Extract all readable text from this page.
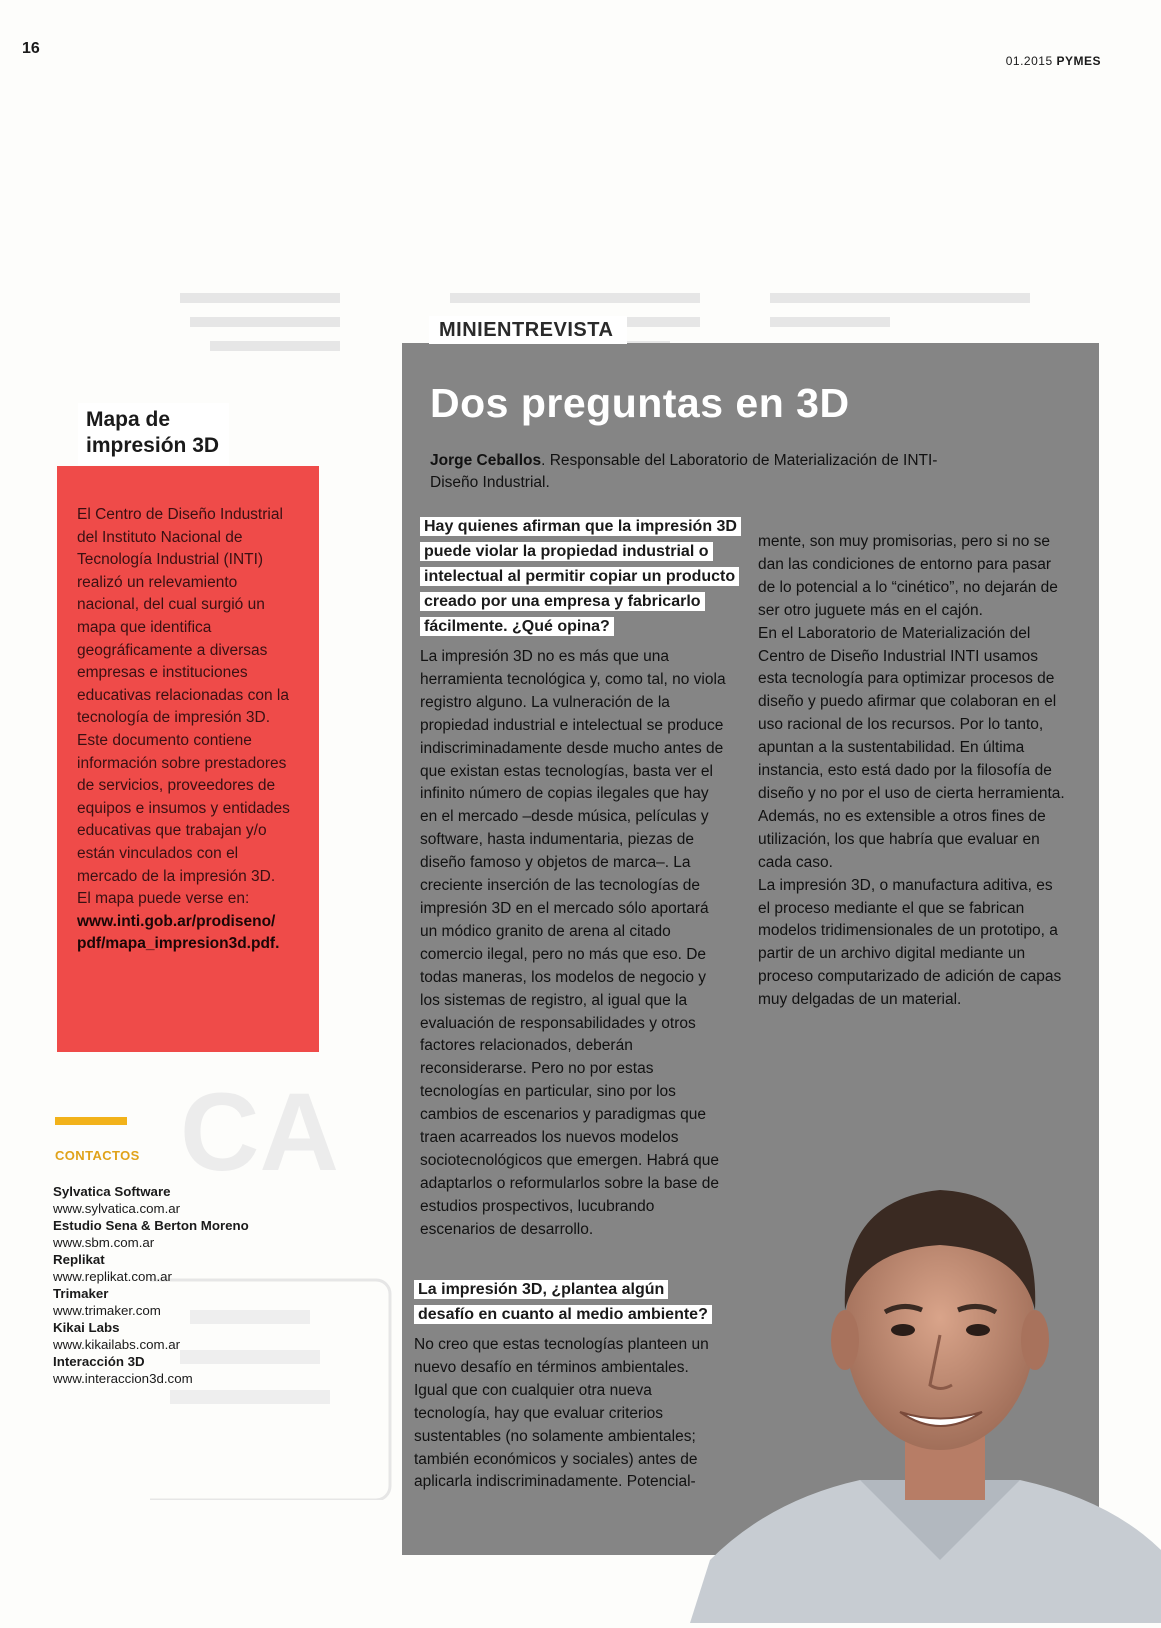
16
01.2015 PYMES
CA
Mapa de
impresión 3D

El Centro de Diseño Industrial del Instituto Nacional de Tecnología Industrial (INTI) realizó un relevamiento nacional, del cual surgió un mapa que identifica geográficamente a diversas empresas e instituciones educativas relacionadas con la tecnología de impresión 3D.

Este documento contiene información sobre prestadores de servicios, proveedores de equipos e insumos y entidades educativas que trabajan y/o están vinculados con el mercado de la impresión 3D.

El mapa puede verse en:

www.inti.gob.ar/prodiseno/ pdf/mapa_impresion3d.pdf.

CONTACTOS
Sylvatica Software
www.sylvatica.com.ar
Estudio Sena & Berton Moreno
www.sbm.com.ar
Replikat
www.replikat.com.ar
Trimaker
www.trimaker.com
Kikai Labs
www.kikailabs.com.ar
Interacción 3D
www.interaccion3d.com
MINIENTREVISTA
Dos preguntas en 3D
Jorge Ceballos. Responsable del Laboratorio de Materialización de INTI-Diseño Industrial.
Hay quienes afirman que la impresión 3D puede violar la propiedad industrial o intelectual al permitir copiar un producto creado por una empresa y fabricarlo fácilmente. ¿Qué opina?

La impresión 3D no es más que una herramienta tecnológica y, como tal, no viola registro alguno. La vulneración de la propiedad industrial e intelectual se produce indiscriminadamente desde mucho antes de que existan estas tecnologías, basta ver el infinito número de copias ilegales que hay en el mercado –desde música, películas y software, hasta indumentaria, piezas de diseño famoso y objetos de marca–. La creciente inserción de las tecnologías de impresión 3D en el mercado sólo aportará un módico granito de arena al citado comercio ilegal, pero no más que eso. De todas maneras, los modelos de negocio y los sistemas de registro, al igual que la evaluación de responsabilidades y otros factores relacionados, deberán reconsiderarse. Pero no por estas tecnologías en particular, sino por los cambios de escenarios y paradigmas que traen acarreados los nuevos modelos sociotecnológicos que emergen. Habrá que adaptarlos o reformularlos sobre la base de estudios prospectivos, lucubrando escenarios de desarrollo.

La impresión 3D, ¿plantea algún desafío en cuanto al medio ambiente?

No creo que estas tecnologías planteen un nuevo desafío en términos ambientales. Igual que con cualquier otra nueva tecnología, hay que evaluar criterios sustentables (no solamente ambientales; también económicos y sociales) antes de aplicarla indiscriminadamente. Potencial-

mente, son muy promisorias, pero si no se dan las condiciones de entorno para pasar de lo potencial a lo “cinético”, no dejarán de ser otro juguete más en el cajón.

En el Laboratorio de Materialización del Centro de Diseño Industrial INTI usamos esta tecnología para optimizar procesos de diseño y puedo afirmar que colaboran en el uso racional de los recursos. Por lo tanto, apuntan a la sustentabilidad. En última instancia, esto está dado por la filosofía de diseño y no por el uso de cierta herramienta. Además, no es extensible a otros fines de utilización, los que habría que evaluar en cada caso.

La impresión 3D, o manufactura aditiva, es el proceso mediante el que se fabrican modelos tridimensionales de un prototipo, a partir de un archivo digital mediante un proceso computarizado de adición de capas muy delgadas de un material.
